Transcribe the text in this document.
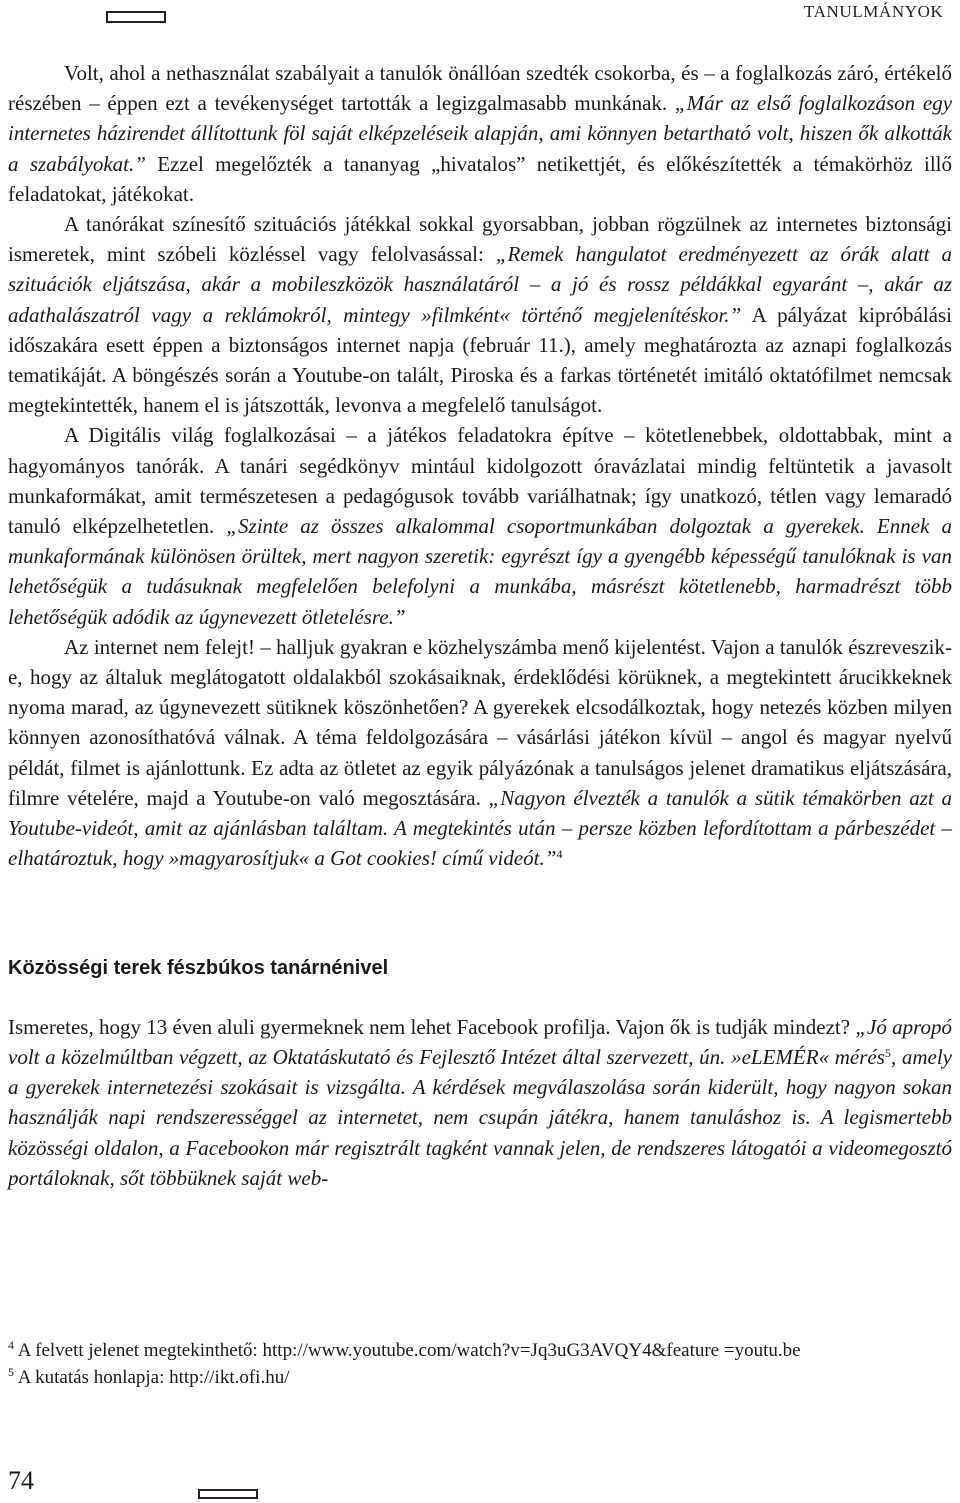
TANULMÁNYOK

Volt, ahol a nethasználat szabályait a tanulók önállóan szedték csokorba, és – a foglalkozás záró, értékelő részében – éppen ezt a tevékenységet tartották a legizgalmasabb munkának. „Már az első foglalkozáson egy internetes házirendet állítottunk föl saját elképzeléseik alapján, ami könnyen betartható volt, hiszen ők alkották a szabályokat.” Ezzel megelőzték a tananyag „hivatalos” netikettjét, és előkészítették a témakörhöz illő feladatokat, játékokat.

A tanórákat színesítő szituációs játékkal sokkal gyorsabban, jobban rögzülnek az internetes biztonsági ismeretek, mint szóbeli közléssel vagy felolvasással: „Remek hangulatot eredményezett az órák alatt a szituációk eljátszása, akár a mobileszközök használatáról – a jó és rossz példákkal egyaránt –, akár az adathalászatról vagy a reklámokról, mintegy »filmként« történő megjelenítéskor.” A pályázat kipróbálási időszakára esett éppen a biztonságos internet napja (február 11.), amely meghatározta az aznapi foglalkozás tematikáját. A böngészés során a Youtube-on talált, Piroska és a farkas történetét imitáló oktatófilmet nemcsak megtekintették, hanem el is játszották, levonva a megfelelő tanulságot.

A Digitális világ foglalkozásai – a játékos feladatokra építve – kötetlenebbek, oldottabbak, mint a hagyományos tanórák. A tanári segédkönyv mintául kidolgozott óravázlatai mindig feltüntetik a javasolt munkaformákat, amit természetesen a pedagógusok tovább variálhatnak; így unatkozó, tétlen vagy lemaradó tanuló elképzelhetetlen. „Szinte az összes alkalommal csoportmunkában dolgoztak a gyerekek. Ennek a munkaformának különösen örültek, mert nagyon szeretik: egyrészt így a gyengébb képességű tanulóknak is van lehetőségük a tudásuknak megfelelően belefolyni a munkába, másrészt kötetlenebb, harmadrészt több lehetőségük adódik az úgynevezett ötletelésre.”

Az internet nem felejt! – halljuk gyakran e közhelyszámba menő kijelentést. Vajon a tanulók észreveszik-e, hogy az általuk meglátogatott oldalakból szokásaiknak, érdeklődési körüknek, a megtekintett árucikkeknek nyoma marad, az úgynevezett sütiknek köszönhetően? A gyerekek elcsodálkoztak, hogy netezés közben milyen könnyen azonosíthatóvá válnak. A téma feldolgozására – vásárlási játékon kívül – angol és magyar nyelvű példát, filmet is ajánlottunk. Ez adta az ötletet az egyik pályázónak a tanulságos jelenet dramatikus eljátszására, filmre vételére, majd a Youtube-on való megosztására. „Nagyon élvezték a tanulók a sütik témakörben azt a Youtube-videót, amit az ajánlásban találtam. A megtekintés után – persze közben lefordítottam a párbeszédet – elhatároztuk, hogy »magyarosítjuk« a Got cookies! című videót.”$^4$

Közösségi terek fészbúkos tanárnénivel

Ismeretes, hogy 13 éven aluli gyermeknek nem lehet Facebook profilja. Vajon ők is tudják mindezt? „Jó apropó volt a közelmúltban végzett, az Oktatáskutató és Fejlesztő Intézet által szervezett, ún. »eLEMÉR« mérés$^5$, amely a gyerekek internetezési szokásait is vizsgálta. A kérdések megválaszolása során kiderült, hogy nagyon sokan használják napi rendszerességgel az internetet, nem csupán játékra, hanem tanuláshoz is. A legismertebb közösségi oldalon, a Facebookon már regisztrált tagként vannak jelen, de rendszeres látogatói a videomegosztó portáloknak, sőt többüknek saját web-

$^4$ A felvett jelenet megtekinthető: http://www.youtube.com/watch?v=Jq3uG3AVQY4&feature =youtu.be

$^5$ A kutatás honlapja: http://ikt.ofi.hu/

74
